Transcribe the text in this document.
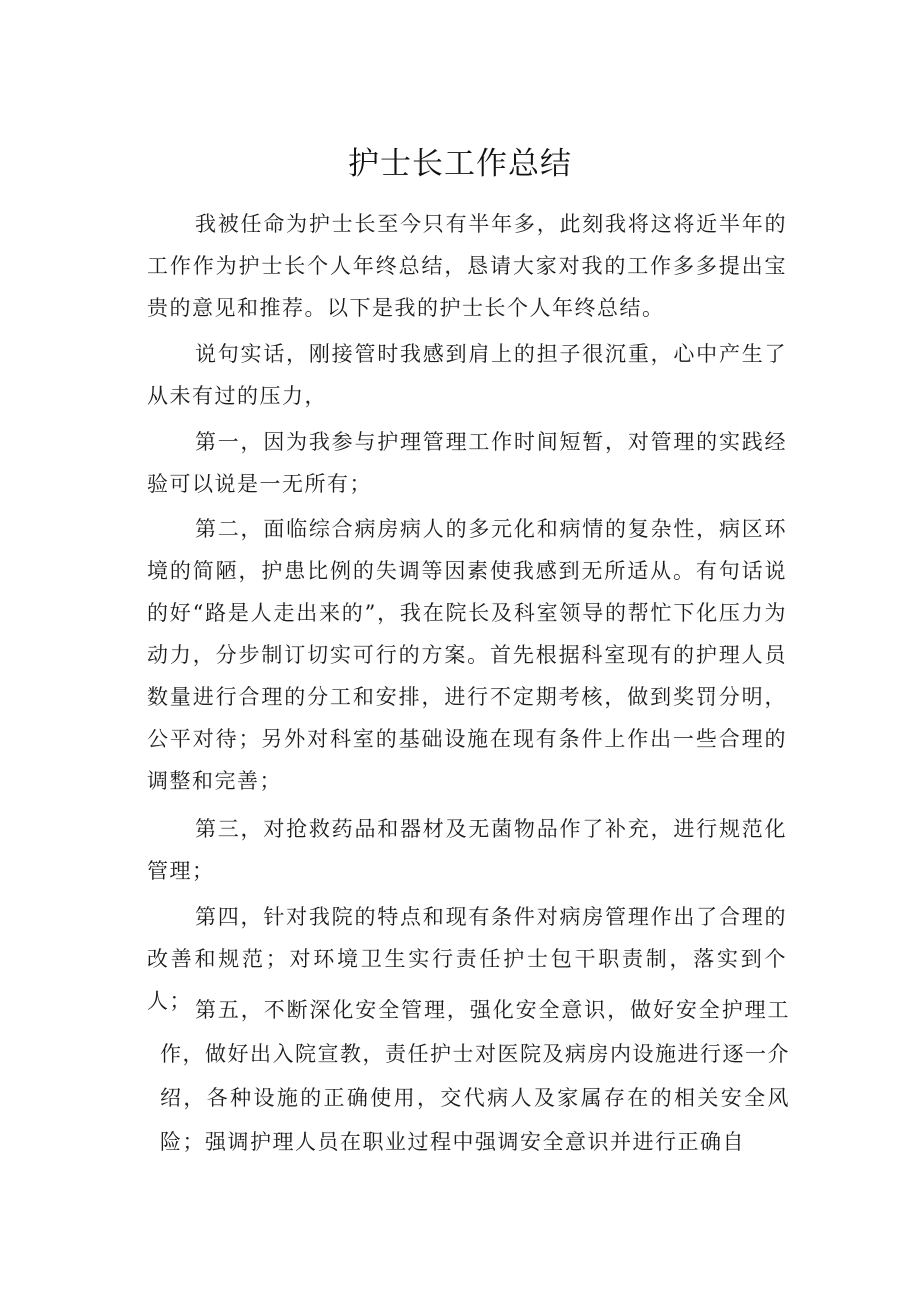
护士长工作总结

我被任命为护士长至今只有半年多，此刻我将这将近半年的工作作为护士长个人年终总结，恳请大家对我的工作多多提出宝贵的意见和推荐。以下是我的护士长个人年终总结。

说句实话，刚接管时我感到肩上的担子很沉重，心中产生了从未有过的压力，

第一，因为我参与护理管理工作时间短暂，对管理的实践经验可以说是一无所有；

第二，面临综合病房病人的多元化和病情的复杂性，病区环境的简陋，护患比例的失调等因素使我感到无所适从。有句话说的好“路是人走出来的”，我在院长及科室领导的帮忙下化压力为动力，分步制订切实可行的方案。首先根据科室现有的护理人员数量进行合理的分工和安排，进行不定期考核，做到奖罚分明，公平对待；另外对科室的基础设施在现有条件上作出一些合理的调整和完善；

第三，对抢救药品和器材及无菌物品作了补充，进行规范化管理；

第四，针对我院的特点和现有条件对病房管理作出了合理的改善和规范；对环境卫生实行责任护士包干职责制，落实到个人； 第五，不断深化安全管理，强化安全意识，做好安全护理工作，做好出入院宣教，责任护士对医院及病房内设施进行逐一介绍，各种设施的正确使用，交代病人及家属存在的相关安全风险；强调护理人员在职业过程中强调安全意识并进行正确自
